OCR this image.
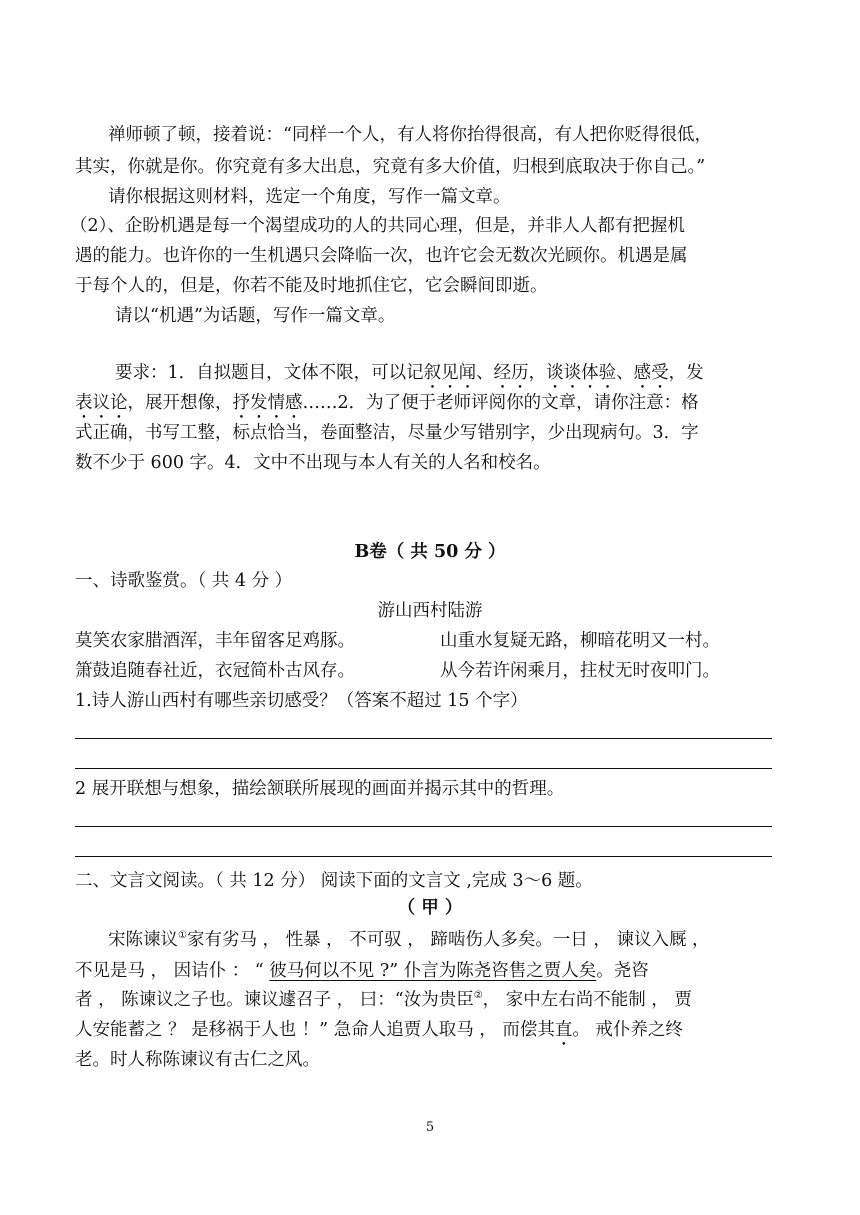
禅师顿了顿，接着说：“同样一个人，有人将你抬得很高，有人把你贬得很低，
其实，你就是你。你究竟有多大出息，究竟有多大价值，归根到底取决于你自己。”
请你根据这则材料，选定一个角度，写作一篇文章。
（2）、企盼机遇是每一个渴望成功的人的共同心理，但是，并非人人都有把握机
遇的能力。也许你的一生机遇只会降临一次，也许它会无数次光顾你。机遇是属
于每个人的，但是，你若不能及时地抓住它，它会瞬间即逝。
请以“机遇”为话题，写作一篇文章。
要求：1．自拟题目，文体不限，可以记叙见闻、经历，谈谈体验、感受，发
表议论，展开想像，抒发情感……2．为了便于老师评阅你的文章，请你注意：格
式正确，书写工整，标点恰当，卷面整洁，尽量少写错别字，少出现病句。3．字
数不少于 600 字。4．文中不出现与本人有关的人名和校名。
B卷（ 共 50 分 ）
一、诗歌鉴赏。（ 共 4 分 ）
游山西村陆游
莫笑农家腊酒浑，丰年留客足鸡豚。	山重水复疑无路，柳暗花明又一村。
箫鼓追随春社近，衣冠简朴古风存。	从今若许闲乘月，拄杖无时夜叩门。
1.诗人游山西村有哪些亲切感受？（答案不超过 15 个字）
2 展开联想与想象，描绘颔联所展现的画面并揭示其中的哲理。
二、文言文阅读。（ 共 12 分） 阅读下面的文言文 ,完成 3～6 题。
（ 甲 ）
宋陈谏议①家有劣马 ， 性暴 ， 不可驭 ， 蹄啮伤人多矣。一日 ， 谏议入厩 ，
不见是马 ， 因诘仆 ： “ 彼马何以不见 ?” 仆言为陈尧咨售之贾人矣。尧咨
者 ， 陈谏议之子也。谏议遽召子 ， 曰：“汝为贵臣②， 家中左右尚不能制 ， 贾
人安能蓄之 ？ 是移祸于人也 ！” 急命人追贾人取马 ， 而偿其直。 戒仆养之终
老。时人称陈谏议有古仁之风。
5
